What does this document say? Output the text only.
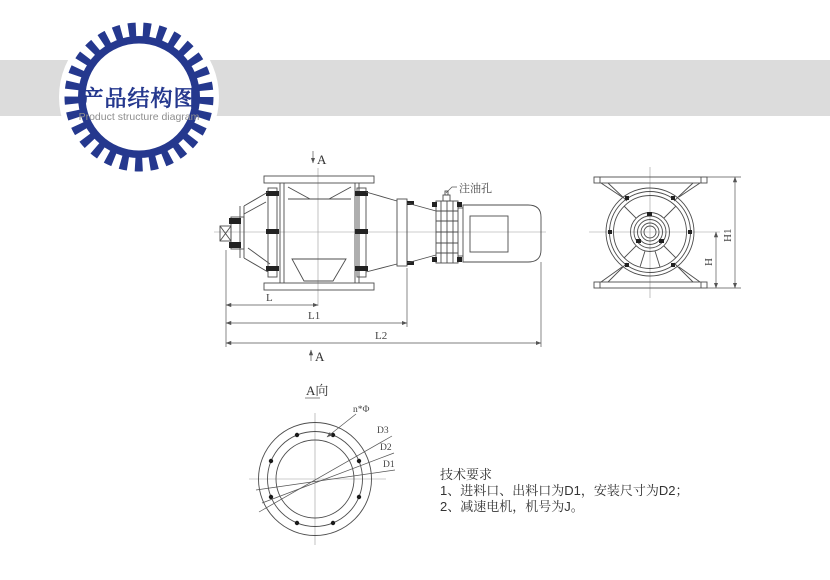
产品结构图
Product structure diagram
A
A
注油孔
L
L1
L2
H
H1
A向
n*Φ
D3
D2
D1
技术要求
1、进料口、出料口为D1，安装尺寸为D2；
2、减速电机，机号为J。
